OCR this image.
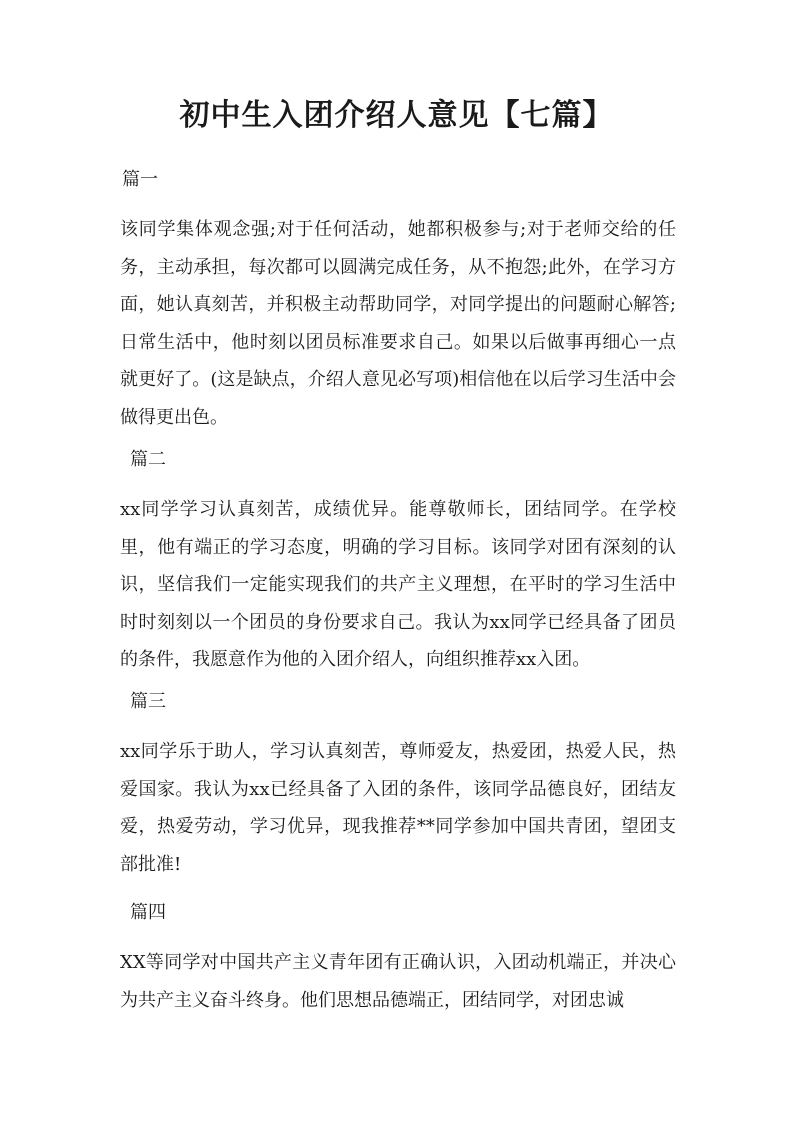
初中生入团介绍人意见【七篇】

篇一

该同学集体观念强;对于任何活动，她都积极参与;对于老师交给的任务，主动承担，每次都可以圆满完成任务，从不抱怨;此外，在学习方面，她认真刻苦，并积极主动帮助同学，对同学提出的问题耐心解答;日常生活中，他时刻以团员标准要求自己。如果以后做事再细心一点就更好了。(这是缺点，介绍人意见必写项)相信他在以后学习生活中会做得更出色。

篇二

xx同学学习认真刻苦，成绩优异。能尊敬师长，团结同学。在学校里，他有端正的学习态度，明确的学习目标。该同学对团有深刻的认识，坚信我们一定能实现我们的共产主义理想，在平时的学习生活中时时刻刻以一个团员的身份要求自己。我认为xx同学已经具备了团员的条件，我愿意作为他的入团介绍人，向组织推荐xx入团。

篇三

xx同学乐于助人，学习认真刻苦，尊师爱友，热爱团，热爱人民，热爱国家。我认为xx已经具备了入团的条件，该同学品德良好，团结友爱，热爱劳动，学习优异，现我推荐**同学参加中国共青团，望团支部批准!

篇四

XX等同学对中国共产主义青年团有正确认识，入团动机端正，并决心为共产主义奋斗终身。他们思想品德端正，团结同学，对团忠诚
